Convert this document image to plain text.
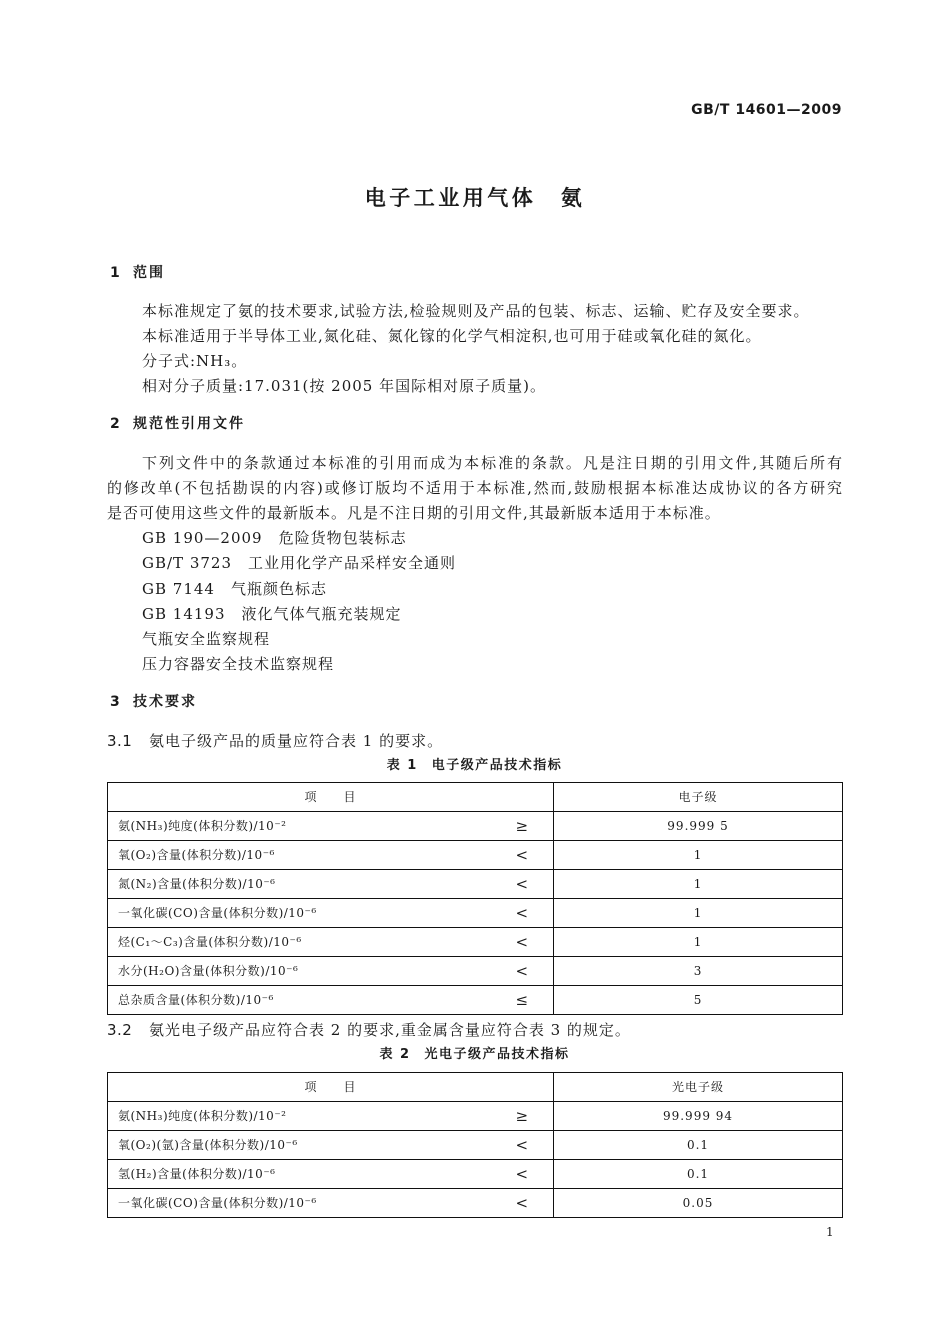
GB/T 14601—2009
电子工业用气体　氨
1 范围
本标准规定了氨的技术要求,试验方法,检验规则及产品的包装、标志、运输、贮存及安全要求。
本标准适用于半导体工业,氮化硅、氮化镓的化学气相淀积,也可用于硅或氧化硅的氮化。
分子式:NH₃。
相对分子质量:17.031(按 2005 年国际相对原子质量)。
2 规范性引用文件
下列文件中的条款通过本标准的引用而成为本标准的条款。凡是注日期的引用文件,其随后所有
的修改单(不包括勘误的内容)或修订版均不适用于本标准,然而,鼓励根据本标准达成协议的各方研究
是否可使用这些文件的最新版本。凡是不注日期的引用文件,其最新版本适用于本标准。
GB 190—2009 危险货物包装标志
GB/T 3723 工业用化学产品采样安全通则
GB 7144 气瓶颜色标志
GB 14193 液化气体气瓶充装规定
气瓶安全监察规程
压力容器安全技术监察规程
3 技术要求
3.1 氨电子级产品的质量应符合表 1 的要求。
表 1 电子级产品技术指标
项　　目		电子级
氨(NH₃)纯度(体积分数)/10⁻²	≥	99.999 5
氧(O₂)含量(体积分数)/10⁻⁶	<	1
氮(N₂)含量(体积分数)/10⁻⁶	<	1
一氧化碳(CO)含量(体积分数)/10⁻⁶	<	1
烃(C₁～C₃)含量(体积分数)/10⁻⁶	<	1
水分(H₂O)含量(体积分数)/10⁻⁶	<	3
总杂质含量(体积分数)/10⁻⁶	≤	5
3.2 氨光电子级产品应符合表 2 的要求,重金属含量应符合表 3 的规定。
表 2 光电子级产品技术指标
项　　目		光电子级
氨(NH₃)纯度(体积分数)/10⁻²	≥	99.999 94
氧(O₂)(氩)含量(体积分数)/10⁻⁶	<	0.1
氢(H₂)含量(体积分数)/10⁻⁶	<	0.1
一氧化碳(CO)含量(体积分数)/10⁻⁶	<	0.05
1
